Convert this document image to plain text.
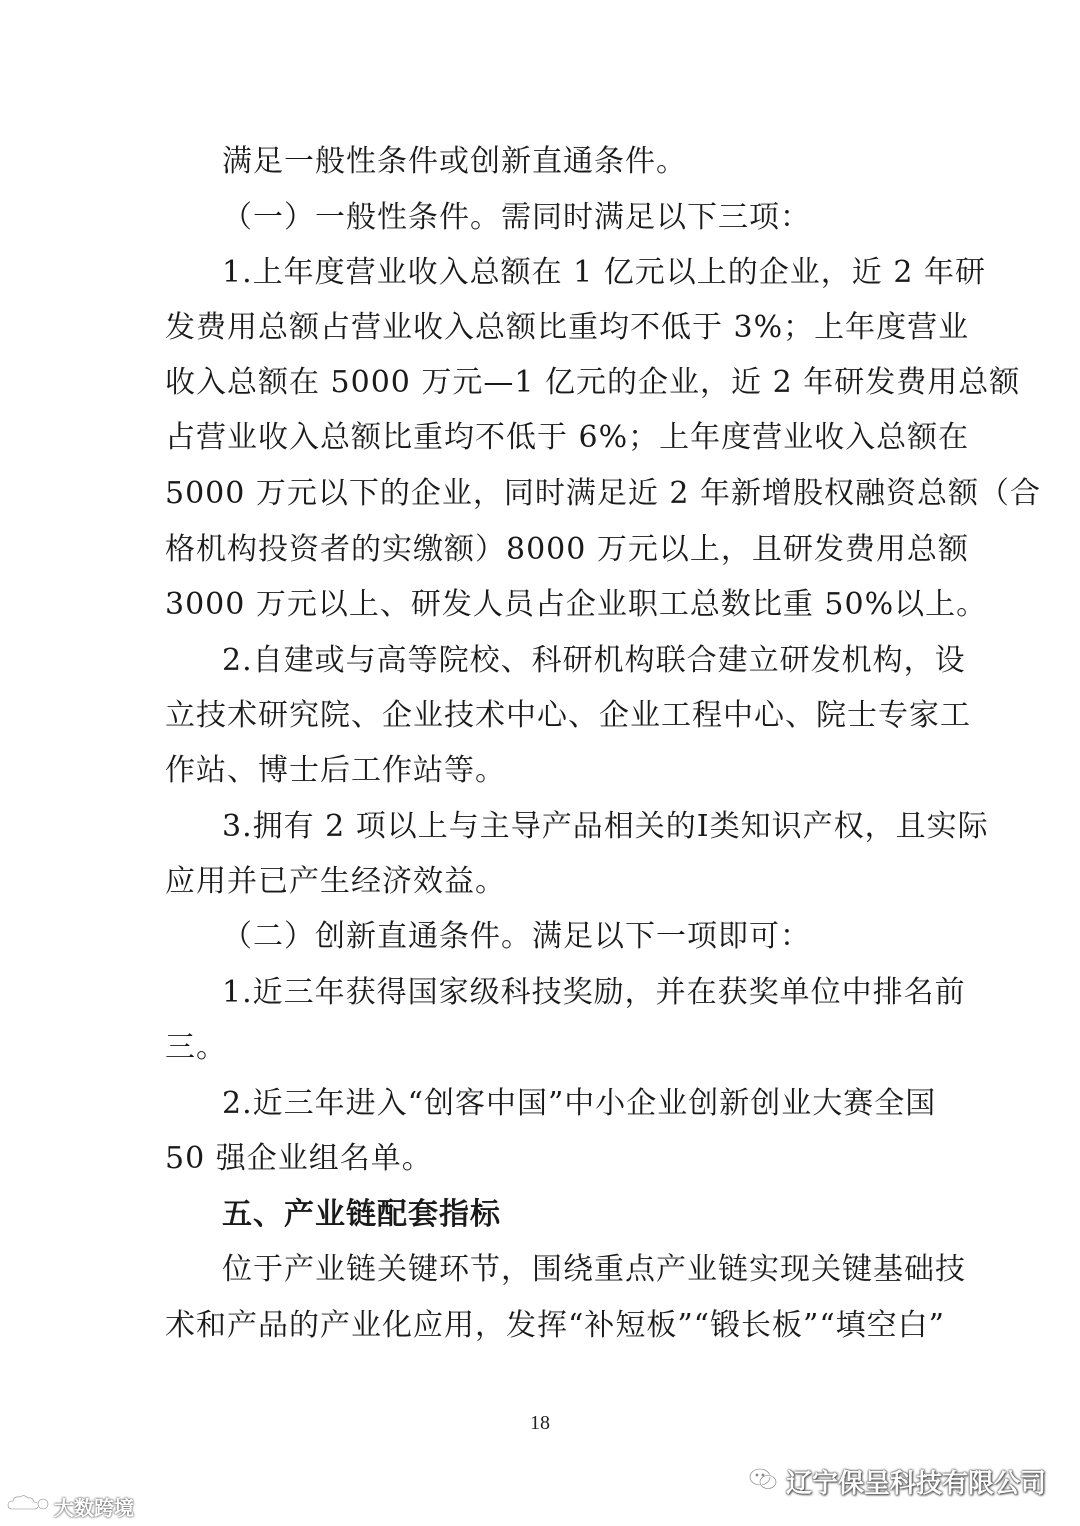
满足一般性条件或创新直通条件。
（一）一般性条件。需同时满足以下三项：
1.上年度营业收入总额在 1 亿元以上的企业，近 2 年研
发费用总额占营业收入总额比重均不低于 3%；上年度营业
收入总额在 5000 万元—1 亿元的企业，近 2 年研发费用总额
占营业收入总额比重均不低于 6%；上年度营业收入总额在
5000 万元以下的企业，同时满足近 2 年新增股权融资总额（合
格机构投资者的实缴额）8000 万元以上，且研发费用总额
3000 万元以上、研发人员占企业职工总数比重 50%以上。
2.自建或与高等院校、科研机构联合建立研发机构，设
立技术研究院、企业技术中心、企业工程中心、院士专家工
作站、博士后工作站等。
3.拥有 2 项以上与主导产品相关的I类知识产权，且实际
应用并已产生经济效益。
（二）创新直通条件。满足以下一项即可：
1.近三年获得国家级科技奖励，并在获奖单位中排名前
三。
2.近三年进入“创客中国”中小企业创新创业大赛全国
50 强企业组名单。
五、产业链配套指标
位于产业链关键环节，围绕重点产业链实现关键基础技
术和产品的产业化应用，发挥“补短板”“锻长板”“填空白”
18
辽宁保呈科技有限公司
大数跨境
